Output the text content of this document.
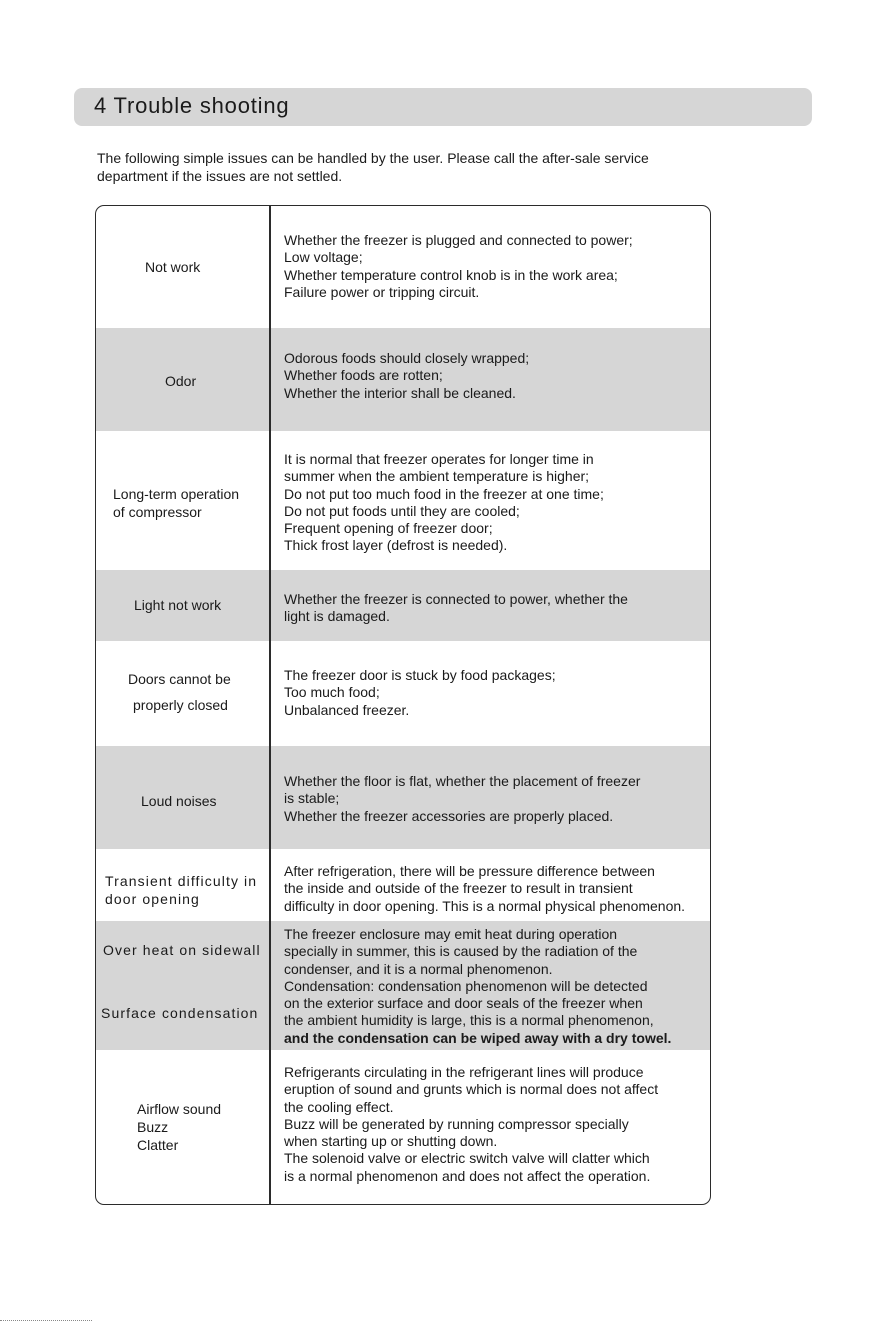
4 Trouble shooting
The following simple issues can be handled by the user. Please call the after-sale service
department if the issues are not settled.
Not work
Whether the freezer is plugged and connected to power;
Low voltage;
Whether temperature control knob is in the work area;
Failure power or tripping circuit.
Odor
Odorous foods should closely wrapped;
Whether foods are rotten;
Whether the interior shall be cleaned.
Long-term operation
of compressor
It is normal that freezer operates for longer time in
summer when the ambient temperature is higher;
Do not put too much food in the freezer at one time;
Do not put foods until they are cooled;
Frequent opening of freezer door;
Thick frost layer (defrost is needed).
Light not work	Whether the freezer is connected to power, whether the
light is damaged.
Doors cannot be
properly closed
The freezer door is stuck by food packages;
Too much food;
Unbalanced freezer.
Loud noises
Whether the floor is flat, whether the placement of freezer
is stable;
Whether the freezer accessories are properly placed.
Transient difficulty in
door opening
After refrigeration, there will be pressure difference between
the inside and outside of the freezer to result in transient
difficulty in door opening. This is a normal physical phenomenon.
Over heat on sidewall
Surface condensation
The freezer enclosure may emit heat during operation
specially in summer, this is caused by the radiation of the
condenser, and it is a normal phenomenon.
Condensation: condensation phenomenon will be detected
on the exterior surface and door seals of the freezer when
the ambient humidity is large, this is a normal phenomenon,
and the condensation can be wiped away with a dry towel.
Airflow sound
Buzz
Clatter
Refrigerants circulating in the refrigerant lines will produce
eruption of sound and grunts which is normal does not affect
the cooling effect.
Buzz will be generated by running compressor specially
when starting up or shutting down.
The solenoid valve or electric switch valve will clatter which
is a normal phenomenon and does not affect the operation.
